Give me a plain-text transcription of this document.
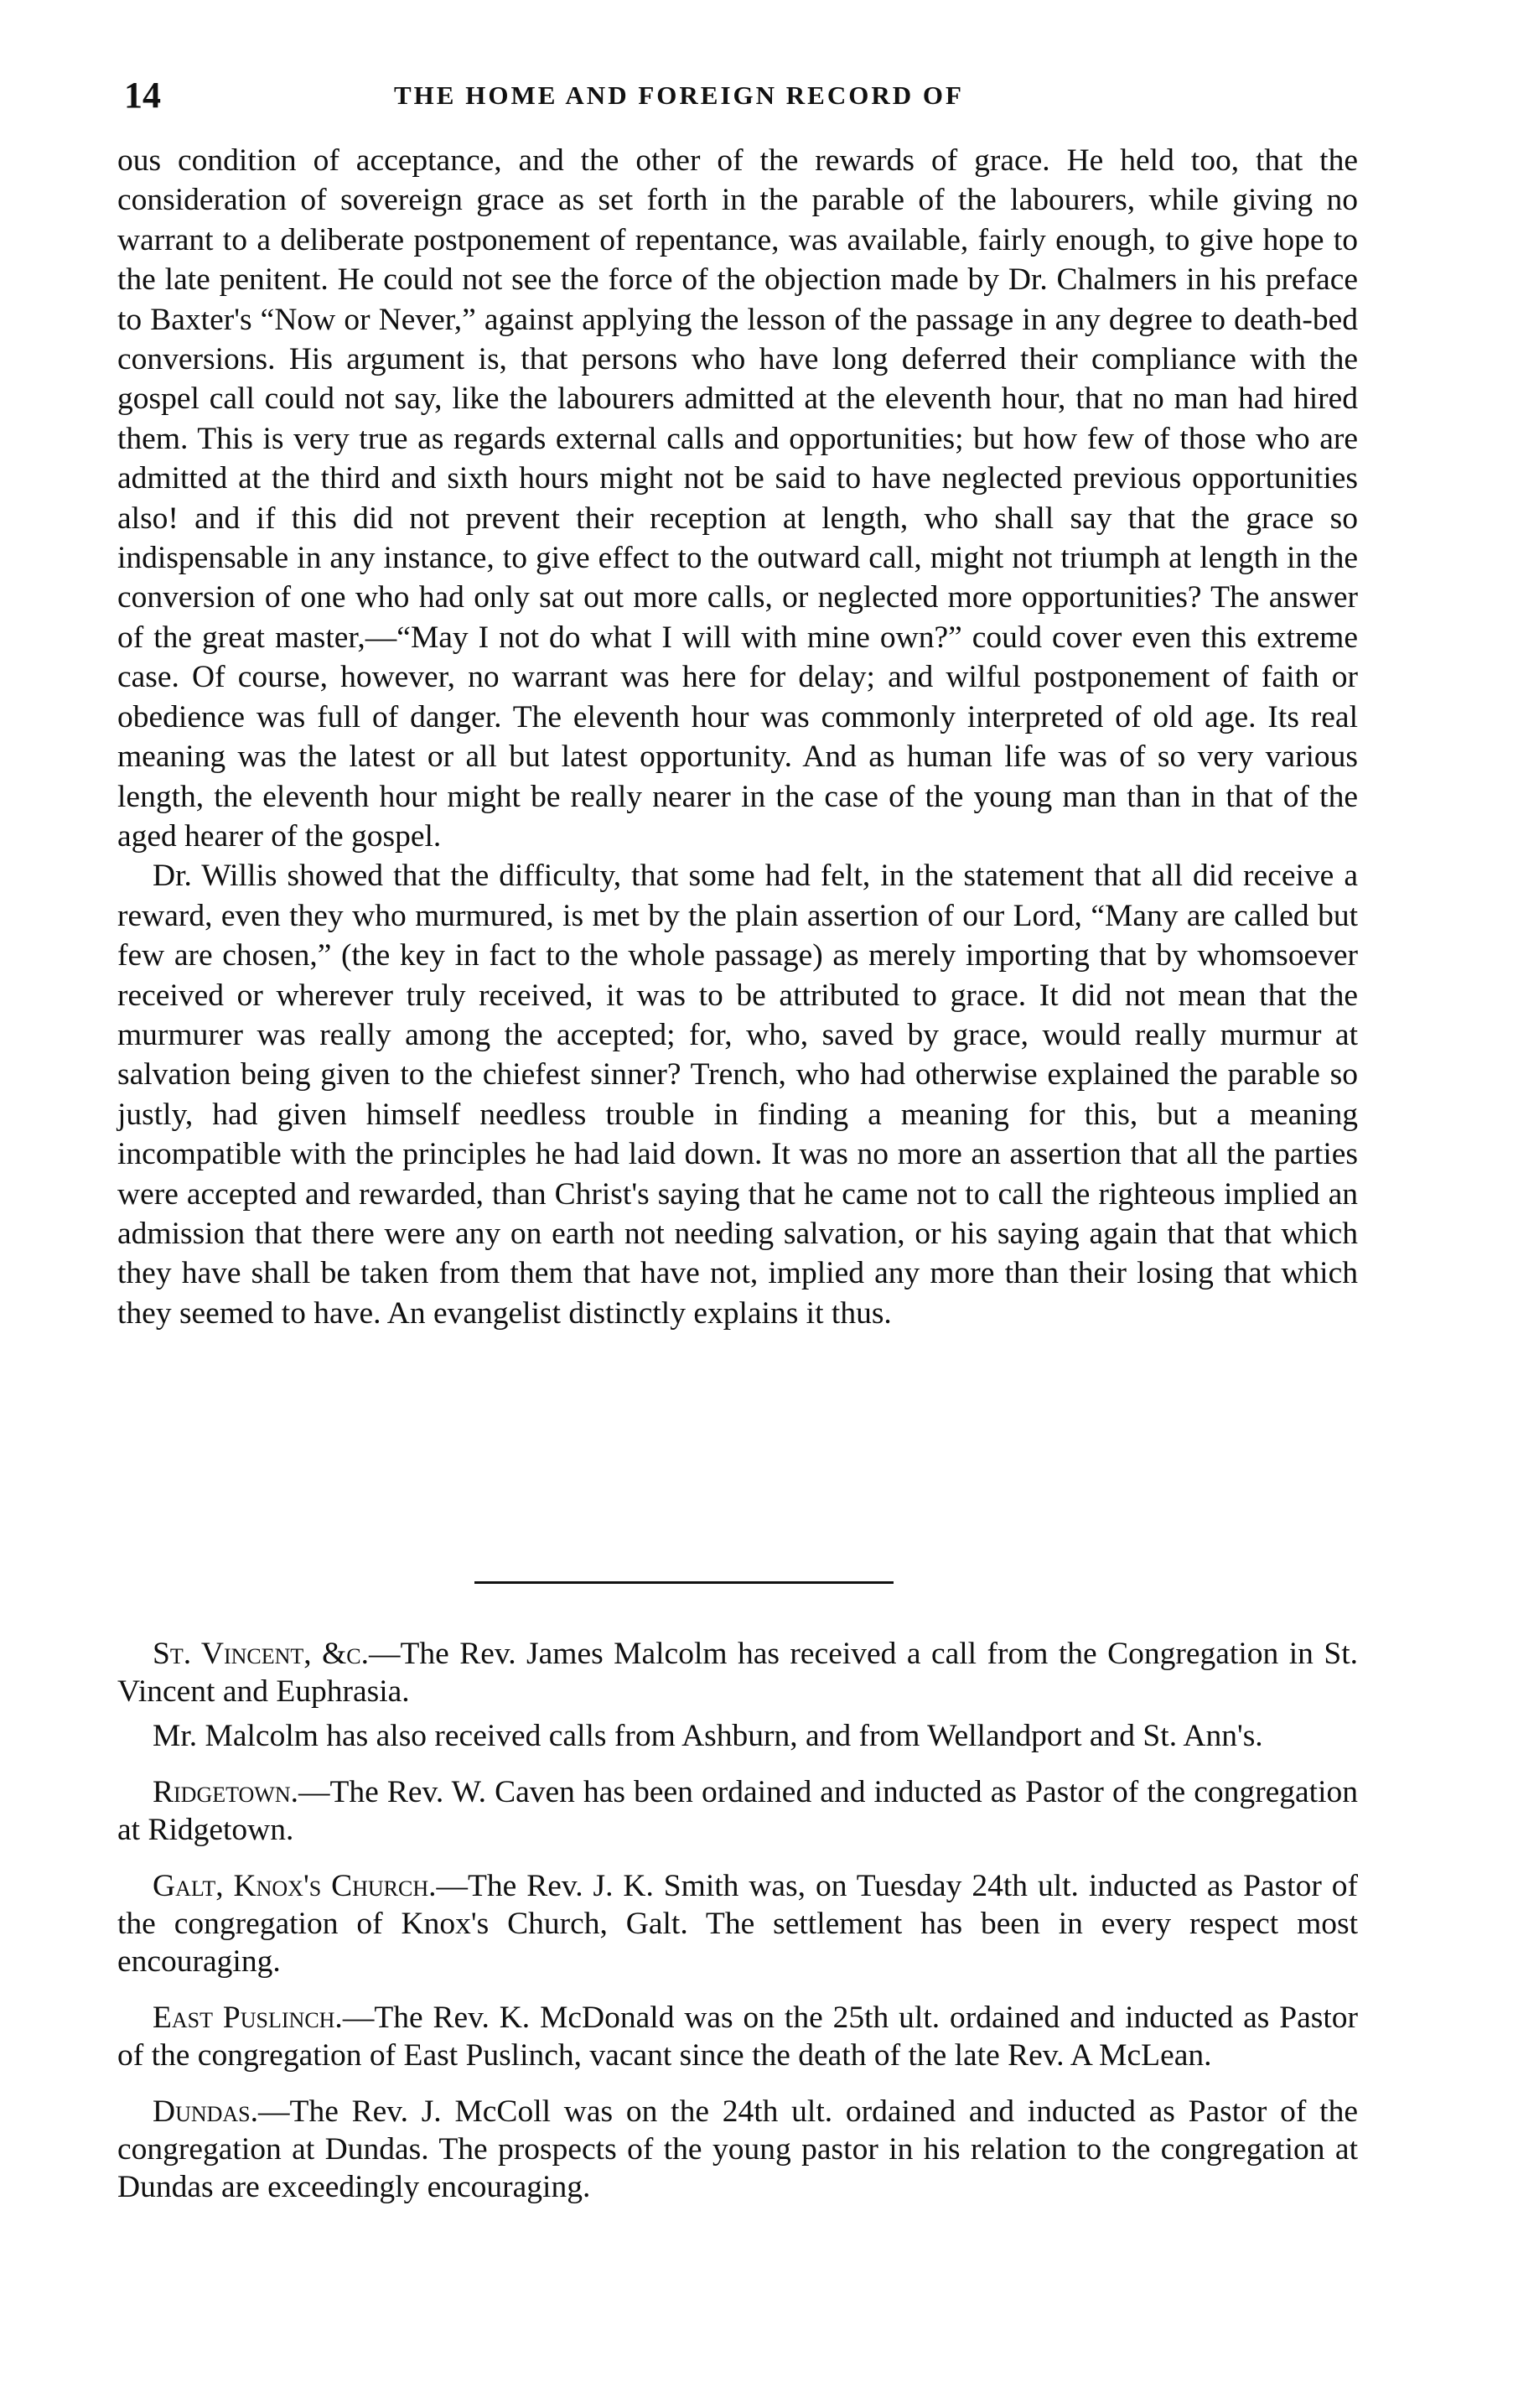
14	THE HOME AND FOREIGN RECORD OF

ous condition of acceptance, and the other of the rewards of grace. He held too, that the consideration of sovereign grace as set forth in the parable of the labourers, while giving no warrant to a deliberate postponement of repentance, was available, fairly enough, to give hope to the late penitent. He could not see the force of the objection made by Dr. Chalmers in his preface to Baxter's “Now or Never,” against applying the lesson of the passage in any degree to death-bed conversions. His argument is, that persons who have long deferred their compliance with the gospel call could not say, like the labourers admitted at the eleventh hour, that no man had hired them. This is very true as regards external calls and opportunities; but how few of those who are admitted at the third and sixth hours might not be said to have neglected previous opportunities also! and if this did not prevent their reception at length, who shall say that the grace so indispensable in any instance, to give effect to the outward call, might not triumph at length in the conversion of one who had only sat out more calls, or neglected more opportunities? The answer of the great master,—“May I not do what I will with mine own?” could cover even this extreme case. Of course, however, no warrant was here for delay; and wilful postponement of faith or obedience was full of danger. The eleventh hour was commonly interpreted of old age. Its real meaning was the latest or all but latest opportunity. And as human life was of so very various length, the eleventh hour might be really nearer in the case of the young man than in that of the aged hearer of the gospel.

Dr. Willis showed that the difficulty, that some had felt, in the statement that all did receive a reward, even they who murmured, is met by the plain assertion of our Lord, “Many are called but few are chosen,” (the key in fact to the whole passage) as merely importing that by whomsoever received or wherever truly received, it was to be attributed to grace. It did not mean that the murmurer was really among the accepted; for, who, saved by grace, would really murmur at salvation being given to the chiefest sinner? Trench, who had otherwise explained the parable so justly, had given himself needless trouble in finding a meaning for this, but a meaning incompatible with the principles he had laid down. It was no more an assertion that all the parties were accepted and rewarded, than Christ's saying that he came not to call the righteous implied an admission that there were any on earth not needing salvation, or his saying again that that which they have shall be taken from them that have not, implied any more than their losing that which they seemed to have. An evangelist distinctly explains it thus.

St. Vincent, &c.—The Rev. James Malcolm has received a call from the Congregation in St. Vincent and Euphrasia.

Mr. Malcolm has also received calls from Ashburn, and from Wellandport and St. Ann's.

Ridgetown.—The Rev. W. Caven has been ordained and inducted as Pastor of the congregation at Ridgetown.

Galt, Knox's Church.—The Rev. J. K. Smith was, on Tuesday 24th ult. inducted as Pastor of the congregation of Knox's Church, Galt. The settlement has been in every respect most encouraging.

East Puslinch.—The Rev. K. McDonald was on the 25th ult. ordained and inducted as Pastor of the congregation of East Puslinch, vacant since the death of the late Rev. A McLean.

Dundas.—The Rev. J. McColl was on the 24th ult. ordained and inducted as Pastor of the congregation at Dundas. The prospects of the young pastor in his relation to the congregation at Dundas are exceedingly encouraging.
